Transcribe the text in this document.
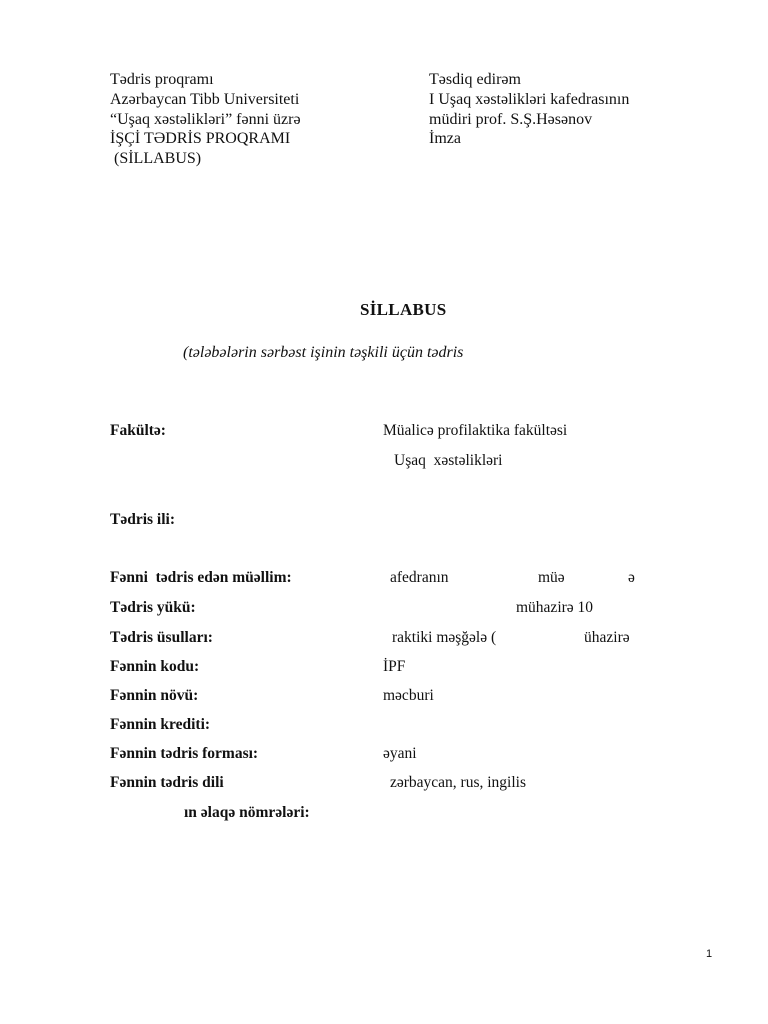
Tədris proqramı
Azərbaycan Tibb Universiteti
“Uşaq xəstəlikləri” fənni üzrə
İŞÇİ TƏDRİS PROQRAMI
(SİLLABUS)
Təsdiq edirəm
I Uşaq xəstəlikləri kafedrasının
müdiri prof. S.Ş.Həsənov
İmza
SİLLABUS
(tələbələrin sərbəst işinin təşkili üçün tədris
Fakültə:	Müalicə profilaktika fakültəsi
Uşaq  xəstəlikləri
Tədris ili:
Fənni  tədris edən müəllim:	afedranın	müə	ə
Tədris yükü:	mühazirə 10
Tədris üsulları:	raktiki məşğələ (	ühazirə
Fənnin kodu:	İPF
Fənnin növü:	məcburi
Fənnin krediti:
Fənnin tədris forması:	əyani
Fənnin tədris dili	zərbaycan, rus, ingilis
ın əlaqə nömrələri:
1
